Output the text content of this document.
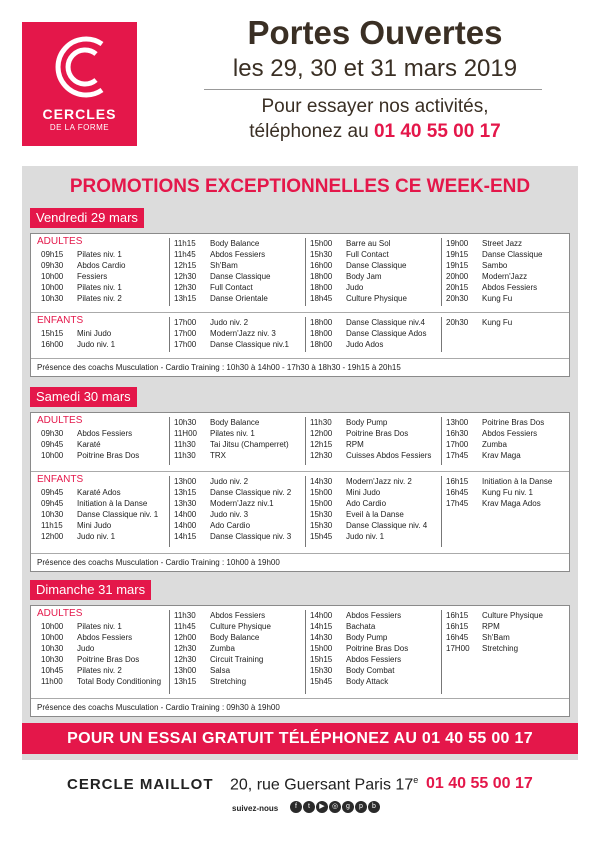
CERCLES
DE LA FORME
Portes Ouvertes
les 29, 30 et 31 mars 2019
Pour essayer nos activités,
téléphonez au 01 40 55 00 17
PROMOTIONS EXCEPTIONNELLES CE WEEK-END
Vendredi 29 mars
ADULTES
09h15 Pilates niv. 1
09h30 Abdos Cardio
10h00 Fessiers
10h00 Pilates niv. 1
10h30 Pilates niv. 2
11h15 Body Balance
11h45 Abdos Fessiers
12h15 Sh'Bam
12h30 Danse Classique
12h30 Full Contact
13h15 Danse Orientale
15h00 Barre au Sol
15h30 Full Contact
16h00 Danse Classique
18h00 Body Jam
18h00 Judo
18h45 Culture Physique
19h00 Street Jazz
19h15 Danse Classique
19h15 Sambo
20h00 Modern'Jazz
20h15 Abdos Fessiers
20h30 Kung Fu
ENFANTS
15h15 Mini Judo
16h00 Judo niv. 1
17h00 Judo niv. 2
17h00 Modern'Jazz niv. 3
17h00 Danse Classique niv.1
18h00 Danse Classique niv.4
18h00 Danse Classique Ados
18h00 Judo Ados
20h30 Kung Fu
Présence des coachs Musculation - Cardio Training : 10h30 à 14h00 - 17h30 à 18h30 - 19h15 à 20h15
Samedi 30 mars
ADULTES
09h30 Abdos Fessiers
09h45 Karaté
10h00 Poitrine Bras Dos
10h30 Body Balance
11H00 Pilates niv. 1
11h30 Tai Jitsu (Champerret)
11h30 TRX
11h30 Body Pump
12h00 Poitrine Bras Dos
12h15 RPM
12h30 Cuisses Abdos Fessiers
13h00 Poitrine Bras Dos
16h30 Abdos Fessiers
17h00 Zumba
17h45 Krav Maga
ENFANTS
09h45 Karaté Ados
09h45 Initiation à la Danse
10h30 Danse Classique niv. 1
11h15 Mini Judo
12h00 Judo niv. 1
13h00 Judo niv. 2
13h15 Danse Classique niv. 2
13h30 Modern'Jazz niv.1
14h00 Judo niv. 3
14h00 Ado Cardio
14h15 Danse Classique niv. 3
14h30 Modern'Jazz niv. 2
15h00 Mini Judo
15h00 Ado Cardio
15h30 Eveil à la Danse
15h30 Danse Classique niv. 4
15h45 Judo niv. 1
16h15 Initiation à la Danse
16h45 Kung Fu niv. 1
17h45 Krav Maga Ados
Présence des coachs Musculation - Cardio Training : 10h00 à 19h00
Dimanche 31 mars
ADULTES
10h00 Pilates niv. 1
10h00 Abdos Fessiers
10h30 Judo
10h30 Poitrine Bras Dos
10h45 Pilates niv. 2
11h00 Total Body Conditioning
11h30 Abdos Fessiers
11h45 Culture Physique
12h00 Body Balance
12h30 Zumba
12h30 Circuit Training
13h00 Salsa
13h15 Stretching
14h00 Abdos Fessiers
14h15 Bachata
14h30 Body Pump
15h00 Poitrine Bras Dos
15h15 Abdos Fessiers
15h30 Body Combat
15h45 Body Attack
16h15 Culture Physique
16h15 RPM
16h45 Sh'Bam
17H00 Stretching
Présence des coachs Musculation - Cardio Training : 09h30 à 19h00
POUR UN ESSAI GRATUIT TÉLÉPHONEZ AU 01 40 55 00 17
CERCLE MAILLOT 20, rue Guersant Paris 17e 01 40 55 00 17
suivez-nous	f t ▶ ◎ g p b
